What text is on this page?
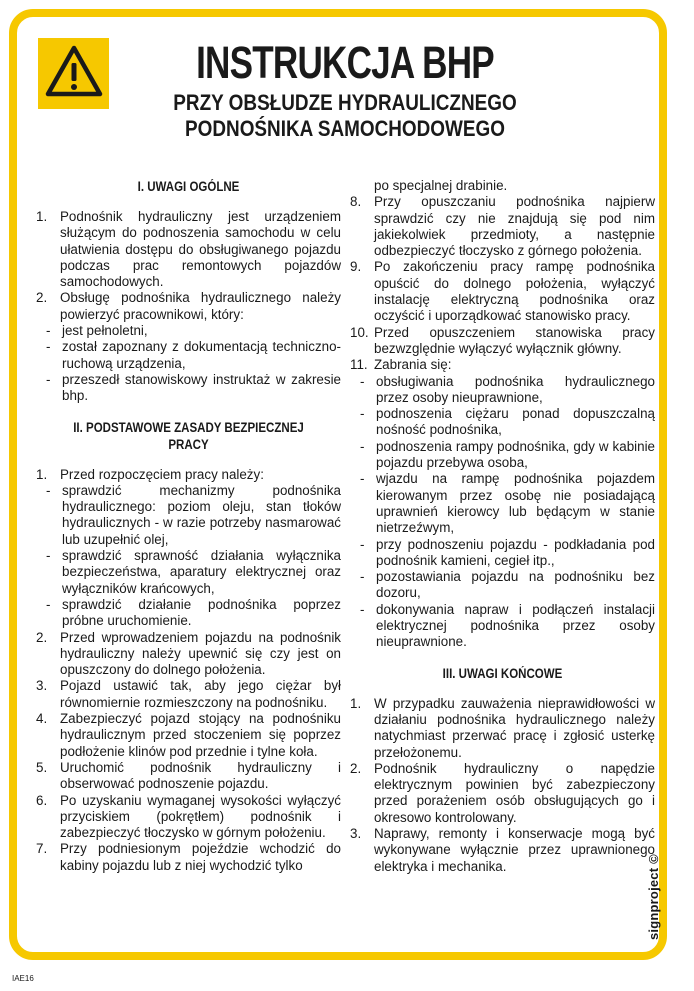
INSTRUKCJA BHP
PRZY OBSŁUDZE HYDRAULICZNEGO
PODNOŚNIKA SAMOCHODOWEGO
I. UWAGI OGÓLNE
1. Podnośnik hydrauliczny jest urządzeniem służącym do podnoszenia samochodu w celu ułatwienia dostępu do obsługiwanego pojazdu podczas prac remontowych pojazdów samochodowych.
2. Obsługę podnośnika hydraulicznego należy powierzyć pracownikowi, który:
- jest pełnoletni,
- został zapoznany z dokumentacją techniczno-ruchową urządzenia,
- przeszedł stanowiskowy instruktaż w zakresie bhp.
II. PODSTAWOWE ZASADY BEZPIECZNEJ
PRACY
1. Przed rozpoczęciem pracy należy:
- sprawdzić mechanizmy podnośnika hydraulicznego: poziom oleju, stan tłoków hydraulicznych - w razie potrzeby nasmarować lub uzupełnić olej,
- sprawdzić sprawność działania wyłącznika bezpieczeństwa, aparatury elektrycznej oraz wyłączników krańcowych,
- sprawdzić działanie podnośnika poprzez próbne uruchomienie.
2. Przed wprowadzeniem pojazdu na podnośnik hydrauliczny należy upewnić się czy jest on opuszczony do dolnego położenia.
3. Pojazd ustawić tak, aby jego ciężar był równomiernie rozmieszczony na podnośniku.
4. Zabezpieczyć pojazd stojący na podnośniku hydraulicznym przed stoczeniem się poprzez podłożenie klinów pod przednie i tylne koła.
5. Uruchomić podnośnik hydrauliczny i obserwować podnoszenie pojazdu.
6. Po uzyskaniu wymaganej wysokości wyłączyć przyciskiem (pokrętłem) podnośnik i zabezpieczyć tłoczysko w górnym położeniu.
7. Przy podniesionym pojeździe wchodzić do kabiny pojazdu lub z niej wychodzić tylko
po specjalnej drabinie.
8. Przy opuszczaniu podnośnika najpierw sprawdzić czy nie znajdują się pod nim jakiekolwiek przedmioty, a następnie odbezpieczyć tłoczysko z górnego położenia.
9. Po zakończeniu pracy rampę podnośnika opuścić do dolnego położenia, wyłączyć instalację elektryczną podnośnika oraz oczyścić i uporządkować stanowisko pracy.
10. Przed opuszczeniem stanowiska pracy bezwzględnie wyłączyć wyłącznik główny.
11. Zabrania się:
- obsługiwania podnośnika hydraulicznego przez osoby nieuprawnione,
- podnoszenia ciężaru ponad dopuszczalną nośność podnośnika,
- podnoszenia rampy podnośnika, gdy w kabinie pojazdu przebywa osoba,
- wjazdu na rampę podnośnika pojazdem kierowanym przez osobę nie posiadającą uprawnień kierowcy lub będącym w stanie nietrzeźwym,
- przy podnoszeniu pojazdu - podkładania pod podnośnik kamieni, cegieł itp.,
- pozostawiania pojazdu na podnośniku bez dozoru,
- dokonywania napraw i podłączeń instalacji elektrycznej podnośnika przez osoby nieuprawnione.
III. UWAGI KOŃCOWE
1. W przypadku zauważenia nieprawidłowości w działaniu podnośnika hydraulicznego należy natychmiast przerwać pracę i zgłosić usterkę przełożonemu.
2. Podnośnik hydrauliczny o napędzie elektrycznym powinien być zabezpieczony przed porażeniem osób obsługujących go i okresowo kontrolowany.
3. Naprawy, remonty i konserwacje mogą być wykonywane wyłącznie przez uprawnionego elektryka i mechanika.	signproject ©
IAE16
